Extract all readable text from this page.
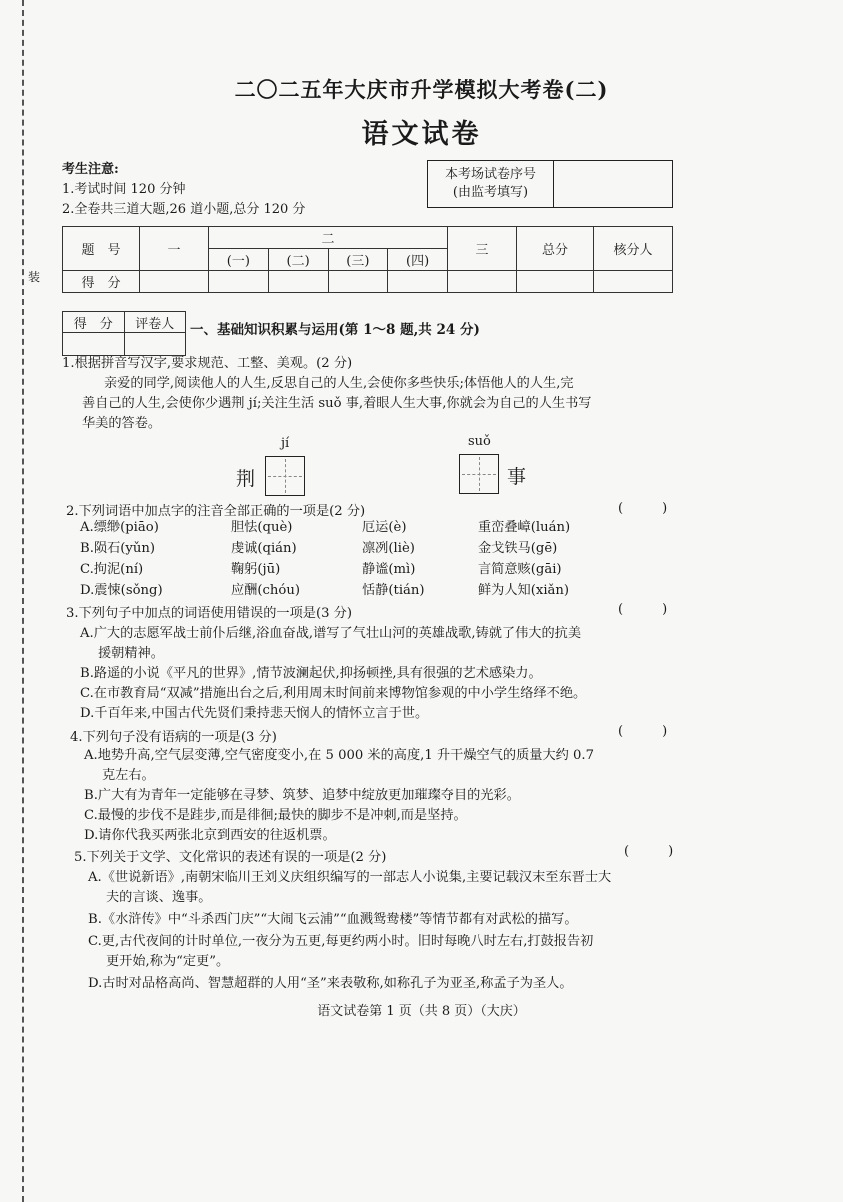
装
二〇二五年大庆市升学模拟大考卷(二)
语文试卷
考生注意:
1.考试时间 120 分钟
2.全卷共三道大题,26 道小题,总分 120 分
本考场试卷序号
(由监考填写)

题　号	一	二				三	总分	核分人
		(一)	(二)	(三)	(四)			
得　分								
得　分	评卷人
	一、基础知识积累与运用(第 1～8 题,共 24 分)
1.根据拼音写汉字,要求规范、工整、美观。(2 分)
亲爱的同学,阅读他人的人生,反思自己的人生,会使你多些快乐;体悟他人的人生,完
善自己的人生,会使你少遇荆 jí;关注生活 suǒ 事,着眼人生大事,你就会为自己的人生书写
华美的答卷。
jí
荆
suǒ
事
2.下列词语中加点字的注音全部正确的一项是(2 分)	(　　　)
A.缥缈(piāo)	胆怯(què)	厄运(è)	重峦叠嶂(luán)
B.陨石(yǔn)	虔诚(qián)	凛冽(liè)	金戈铁马(gē)
C.拘泥(ní)	鞠躬(jū)	静谧(mì)	言简意赅(gāi)
D.震悚(sǒng)	应酬(chóu)	恬静(tián)	鲜为人知(xiǎn)
3.下列句子中加点的词语使用错误的一项是(3 分)	(　　　)
A.广大的志愿军战士前仆后继,浴血奋战,谱写了气壮山河的英雄战歌,铸就了伟大的抗美
援朝精神。
B.路遥的小说《平凡的世界》,情节波澜起伏,抑扬顿挫,具有很强的艺术感染力。
C.在市教育局“双减”措施出台之后,利用周末时间前来博物馆参观的中小学生络绎不绝。
D.千百年来,中国古代先贤们秉持悲天悯人的情怀立言于世。
4.下列句子没有语病的一项是(3 分)	(　　　)
A.地势升高,空气层变薄,空气密度变小,在 5 000 米的高度,1 升干燥空气的质量大约 0.7
克左右。
B.广大有为青年一定能够在寻梦、筑梦、追梦中绽放更加璀璨夺目的光彩。
C.最慢的步伐不是跬步,而是徘徊;最快的脚步不是冲刺,而是坚持。
D.请你代我买两张北京到西安的往返机票。
5.下列关于文学、文化常识的表述有误的一项是(2 分)	(　　　)
A.《世说新语》,南朝宋临川王刘义庆组织编写的一部志人小说集,主要记载汉末至东晋士大
夫的言谈、逸事。
B.《水浒传》中“斗杀西门庆”“大闹飞云浦”“血溅鸳鸯楼”等情节都有对武松的描写。
C.更,古代夜间的计时单位,一夜分为五更,每更约两小时。旧时每晚八时左右,打鼓报告初
更开始,称为“定更”。
D.古时对品格高尚、智慧超群的人用“圣”来表敬称,如称孔子为亚圣,称孟子为圣人。
语文试卷第 1 页（共 8 页）（大庆）
